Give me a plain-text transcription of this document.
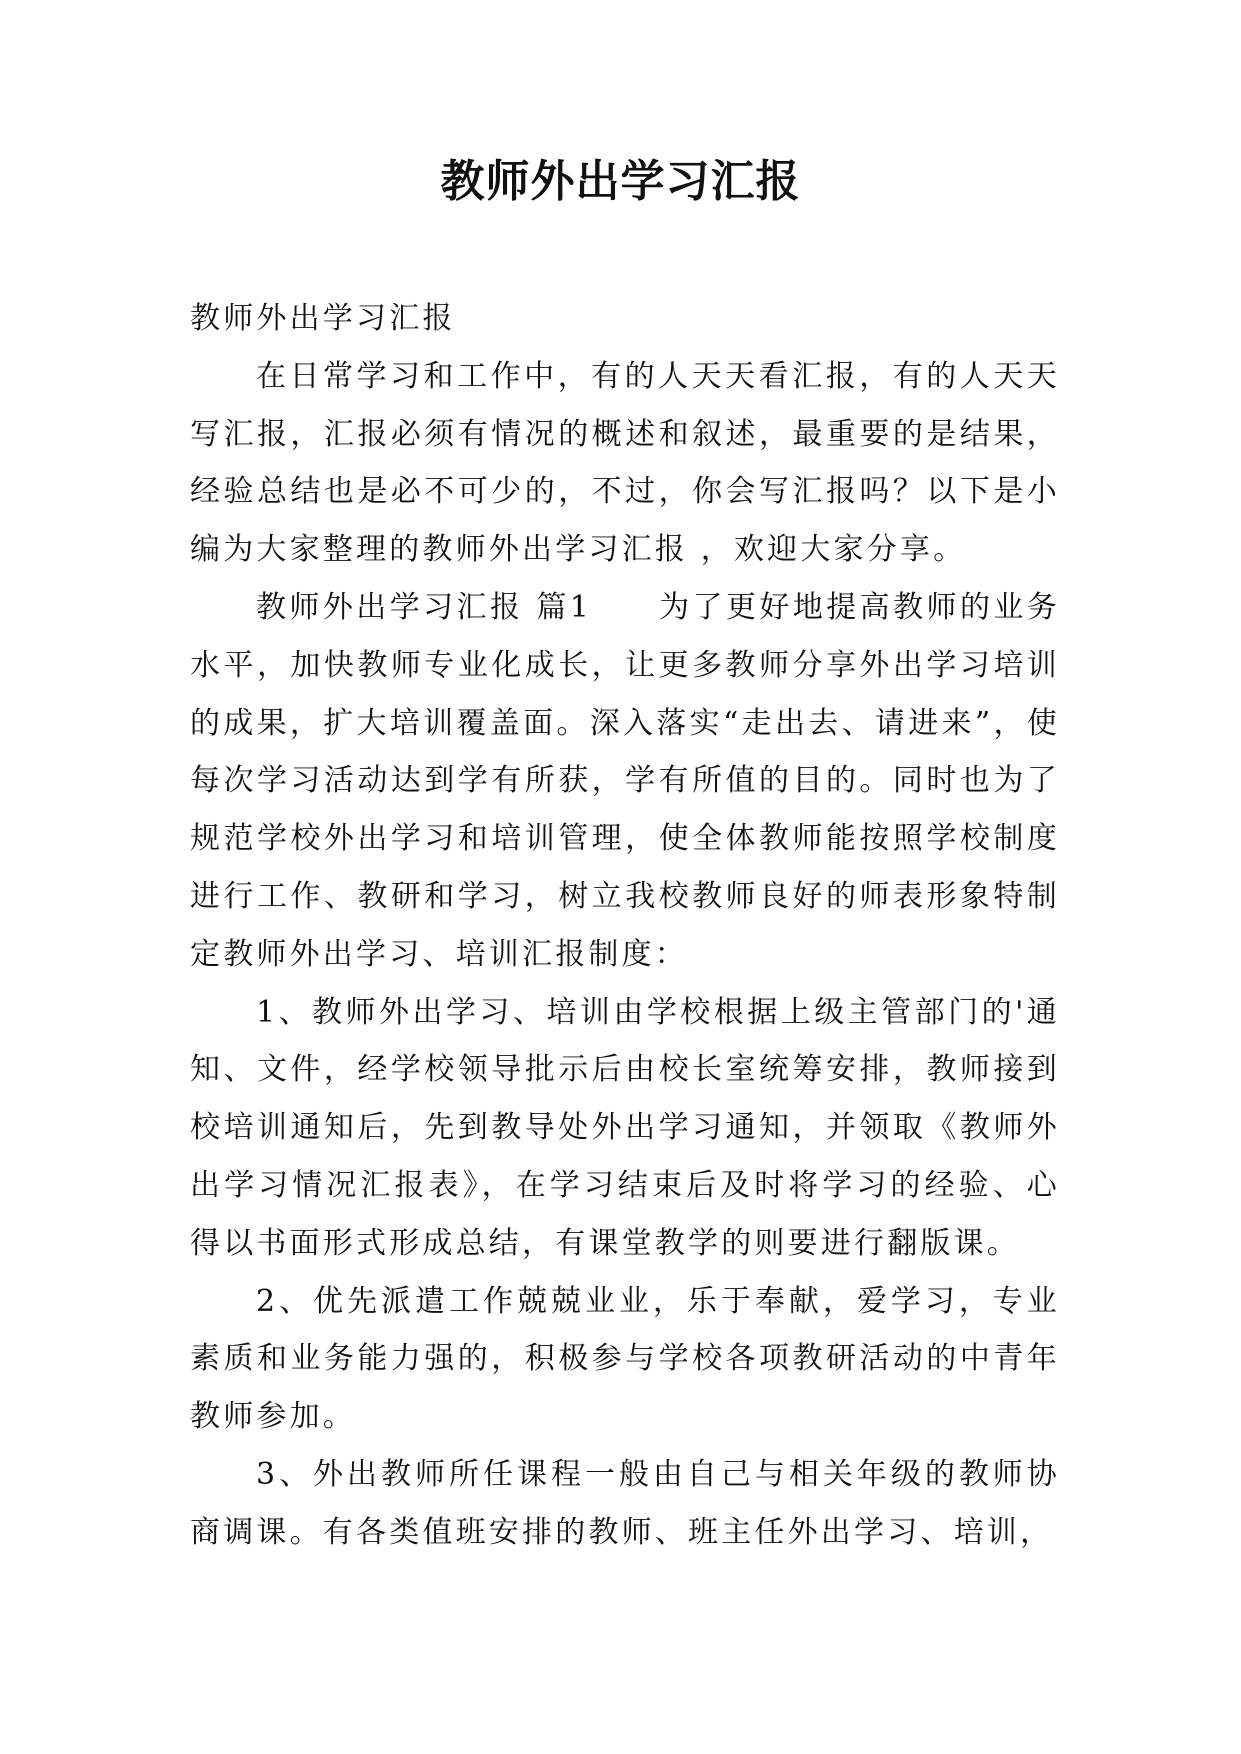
教师外出学习汇报

教师外出学习汇报

在日常学习和工作中，有的人天天看汇报，有的人天天写汇报，汇报必须有情况的概述和叙述，最重要的是结果，经验总结也是必不可少的，不过，你会写汇报吗？以下是小编为大家整理的教师外出学习汇报 ，欢迎大家分享。

教师外出学习汇报 篇1　　为了更好地提高教师的业务水平，加快教师专业化成长，让更多教师分享外出学习培训的成果，扩大培训覆盖面。深入落实“走出去、请进来”，使每次学习活动达到学有所获，学有所值的目的。同时也为了规范学校外出学习和培训管理，使全体教师能按照学校制度进行工作、教研和学习，树立我校教师良好的师表形象特制定教师外出学习、培训汇报制度：

1、教师外出学习、培训由学校根据上级主管部门的'通知、文件，经学校领导批示后由校长室统筹安排，教师接到校培训通知后，先到教导处外出学习通知，并领取《教师外出学习情况汇报表》，在学习结束后及时将学习的经验、心得以书面形式形成总结，有课堂教学的则要进行翻版课。

2、优先派遣工作兢兢业业，乐于奉献，爱学习，专业素质和业务能力强的，积极参与学校各项教研活动的中青年教师参加。

3、外出教师所任课程一般由自己与相关年级的教师协商调课。有各类值班安排的教师、班主任外出学习、培训，
